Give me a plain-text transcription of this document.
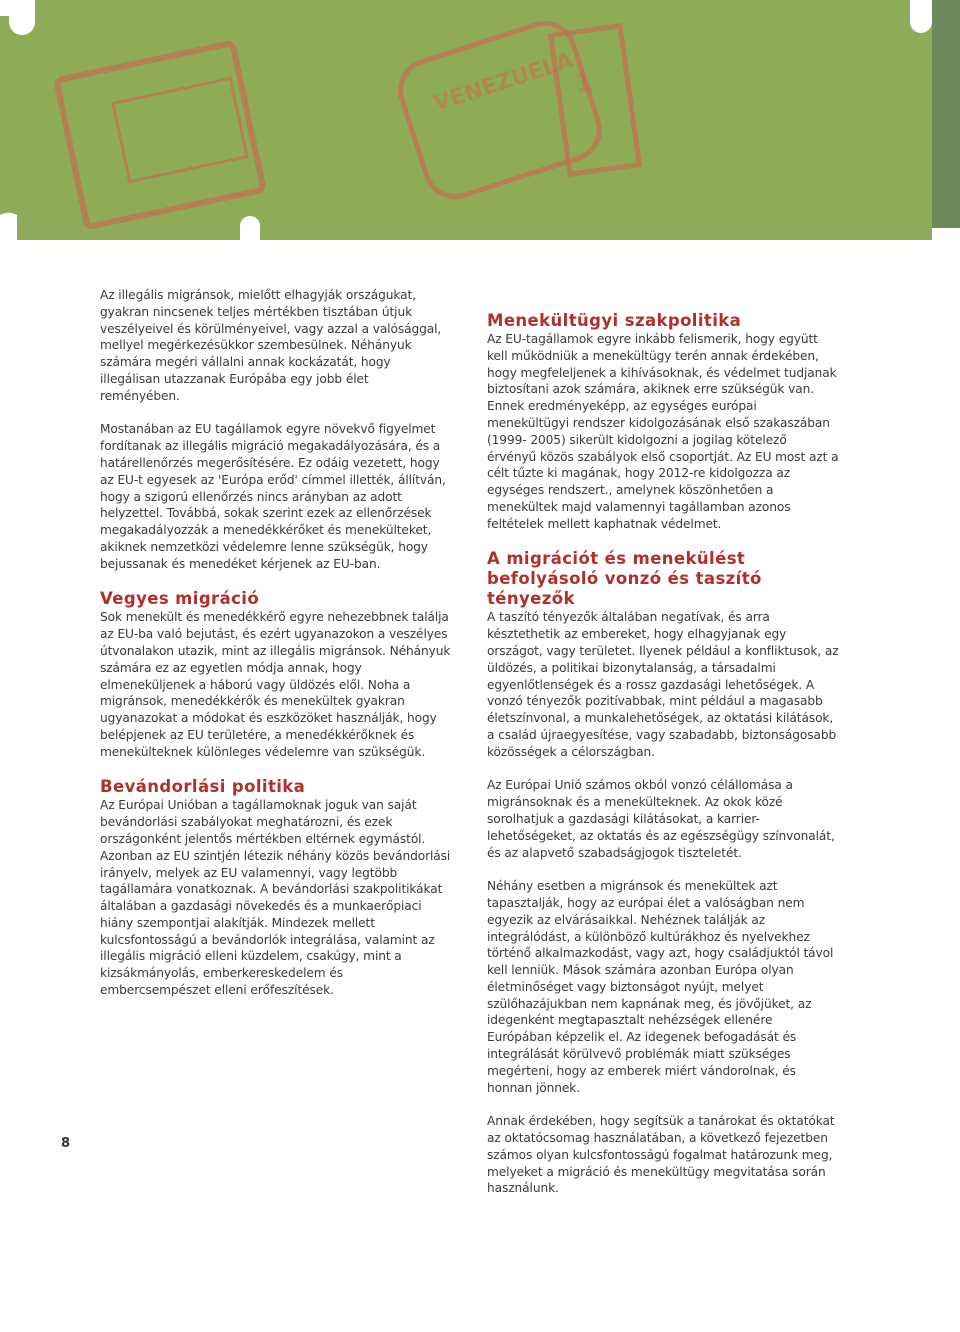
VENEZUELA
1

Az illegális migránsok, mielőtt elhagyják országukat, gyakran nincsenek teljes mértékben tisztában útjuk veszélyeivel és körülményeivel, vagy azzal a valósággal, mellyel megérkezésükkor szembesülnek. Néhányuk számára megéri vállalni annak kockázatát, hogy illegálisan utazzanak Európába egy jobb élet reményében.

Mostanában az EU tagállamok egyre növekvő figyelmet fordítanak az illegális migráció megakadályozására, és a határellenőrzés megerősítésére. Ez odáig vezetett, hogy az EU-t egyesek az 'Európa erőd' címmel illették, állítván, hogy a szigorú ellenőrzés nincs arányban az adott helyzettel. Továbbá, sokak szerint ezek az ellenőrzések megakadályozzák a menedékkérőket és menekülteket, akiknek nemzetközi védelemre lenne szükségük, hogy bejussanak és menedéket kérjenek az EU-ban.

Vegyes migráció

Sok menekült és menedékkérő egyre nehezebbnek találja az EU-ba való bejutást, és ezért ugyanazokon a veszélyes útvonalakon utazik, mint az illegális migránsok. Néhányuk számára ez az egyetlen módja annak, hogy elmeneküljenek a háború vagy üldözés elől. Noha a migránsok, menedékkérők és menekültek gyakran ugyanazokat a módokat és eszközöket használják, hogy belépjenek az EU területére, a menedékkérőknek és menekülteknek különleges védelemre van szükségük.

Bevándorlási politika

Az Európai Unióban a tagállamoknak joguk van saját bevándorlási szabályokat meghatározni, és ezek országonként jelentős mértékben eltérnek egymástól. Azonban az EU szintjén létezik néhány közös bevándorlási irányelv, melyek az EU valamennyi, vagy legtöbb tagállamára vonatkoznak. A bevándorlási szakpolitikákat általában a gazdasági növekedés és a munkaerőpiaci hiány szempontjai alakítják. Mindezek mellett kulcsfontosságú a bevándorlók integrálása, valamint az illegális migráció elleni küzdelem, csakúgy, mint a kizsákmányolás, emberkereskedelem és embercsempészet elleni erőfeszítések.

Menekültügyi szakpolitika

Az EU-tagállamok egyre inkább felismerik, hogy együtt kell működniük a menekültügy terén annak érdekében, hogy megfeleljenek a kihívásoknak, és védelmet tudjanak biztosítani azok számára, akiknek erre szükségük van. Ennek eredményeképp, az egységes európai menekültügyi rendszer kidolgozásának első szakaszában (1999- 2005) sikerült kidolgozni a jogilag kötelező érvényű közös szabályok első csoportját. Az EU most azt a célt tűzte ki magának, hogy 2012-re kidolgozza az egységes rendszert., amelynek köszönhetően a menekültek majd valamennyi tagállamban azonos feltételek mellett kaphatnak védelmet.

A migrációt és menekülést befolyásoló vonzó és taszító tényezők

A taszító tényezők általában negatívak, és arra késztethetik az embereket, hogy elhagyjanak egy országot, vagy területet. Ilyenek például a konfliktusok, az üldözés, a politikai bizonytalanság, a társadalmi egyenlőtlenségek és a rossz gazdasági lehetőségek. A vonzó tényezők pozitívabbak, mint például a magasabb életszínvonal, a munkalehetőségek, az oktatási kilátások, a család újraegyesítése, vagy szabadabb, biztonságosabb közösségek a célországban.

Az Európai Unió számos okból vonzó célállomása a migránsoknak és a menekülteknek. Az okok közé sorolhatjuk a gazdasági kilátásokat, a karrier-lehetőségeket, az oktatás és az egészségügy színvonalát, és az alapvető szabadságjogok tiszteletét.

Néhány esetben a migránsok és menekültek azt tapasztalják, hogy az európai élet a valóságban nem egyezik az elvárásaikkal. Nehéznek találják az integrálódást, a különböző kultúrákhoz és nyelvekhez történő alkalmazkodást, vagy azt, hogy családjuktól távol kell lenniük. Mások számára azonban Európa olyan életminőséget vagy biztonságot nyújt, melyet szülőhazájukban nem kapnának meg, és jövőjüket, az idegenként megtapasztalt nehézségek ellenére Európában képzelik el. Az idegenek befogadását és integrálását körülvevő problémák miatt szükséges megérteni, hogy az emberek miért vándorolnak, és honnan jönnek.

Annak érdekében, hogy segítsük a tanárokat és oktatókat az oktatócsomag használatában, a következő fejezetben számos olyan kulcsfontosságú fogalmat határozunk meg, melyeket a migráció és menekültügy megvitatása során használunk.

8
